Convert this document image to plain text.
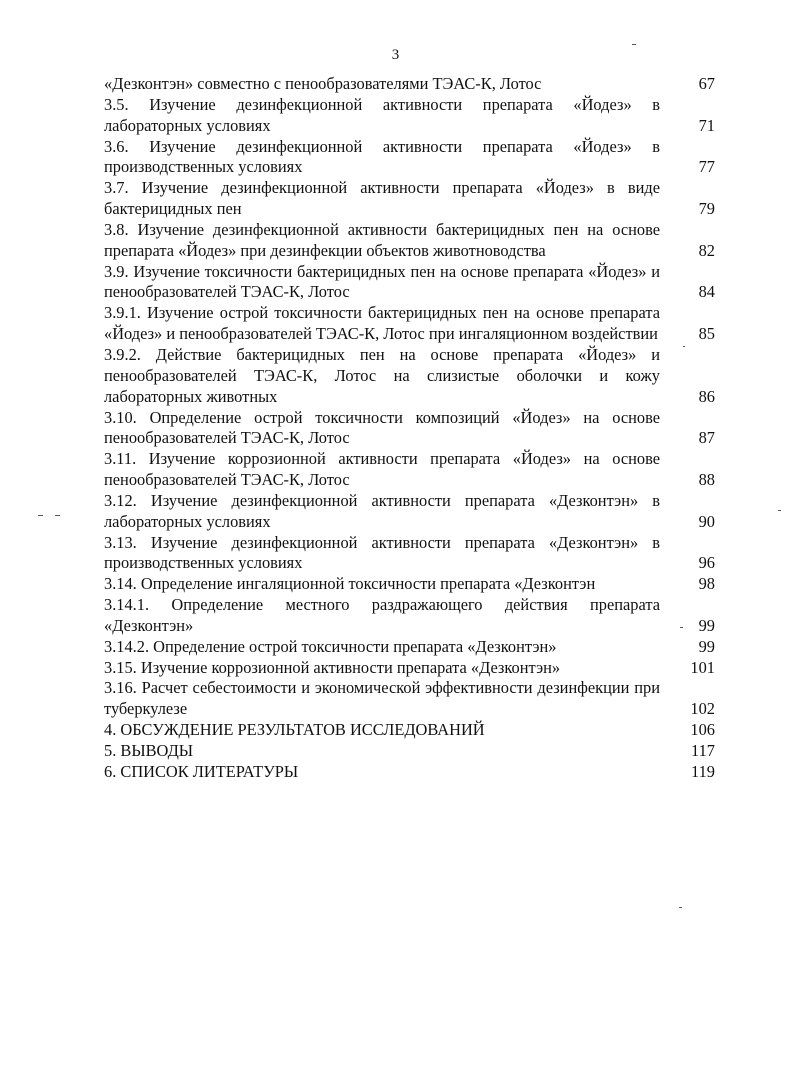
3
«Дезконтэн» совместно с пенообразователями ТЭАС-К, Лотос	67
3.5. Изучение дезинфекционной активности препарата «Йодез» в лабораторных условиях	71
3.6. Изучение дезинфекционной активности препарата «Йодез» в производственных условиях	77
3.7. Изучение дезинфекционной активности препарата «Йодез» в виде бактерицидных пен	79
3.8. Изучение дезинфекционной активности бактерицидных пен на основе препарата «Йодез» при дезинфекции объектов животноводства	82
3.9. Изучение токсичности бактерицидных пен на основе препарата «Йодез» и пенообразователей ТЭАС-К, Лотос	84
3.9.1. Изучение острой токсичности бактерицидных пен на основе препарата «Йодез» и пенообразователей ТЭАС-К, Лотос при ингаляционном воздействии	85
3.9.2. Действие бактерицидных пен на основе препарата «Йодез» и пенообразователей ТЭАС-К, Лотос на слизистые оболочки и кожу лабораторных животных	86
3.10. Определение острой токсичности композиций «Йодез» на основе пенообразователей ТЭАС-К, Лотос	87
3.11. Изучение коррозионной активности препарата «Йодез» на основе пенообразователей ТЭАС-К, Лотос	88
3.12. Изучение дезинфекционной активности препарата «Дезконтэн» в лабораторных условиях	90
3.13. Изучение дезинфекционной активности препарата «Дезконтэн» в производственных условиях	96
3.14. Определение ингаляционной токсичности препарата «Дезконтэн	98
3.14.1. Определение местного раздражающего действия препарата «Дезконтэн»	99
3.14.2. Определение острой токсичности препарата «Дезконтэн»	99
3.15. Изучение коррозионной активности препарата «Дезконтэн»	101
3.16. Расчет себестоимости и экономической эффективности дезинфекции при туберкулезе	102
4. ОБСУЖДЕНИЕ РЕЗУЛЬТАТОВ ИССЛЕДОВАНИЙ	106
5. ВЫВОДЫ	117
6. СПИСОК ЛИТЕРАТУРЫ	119
